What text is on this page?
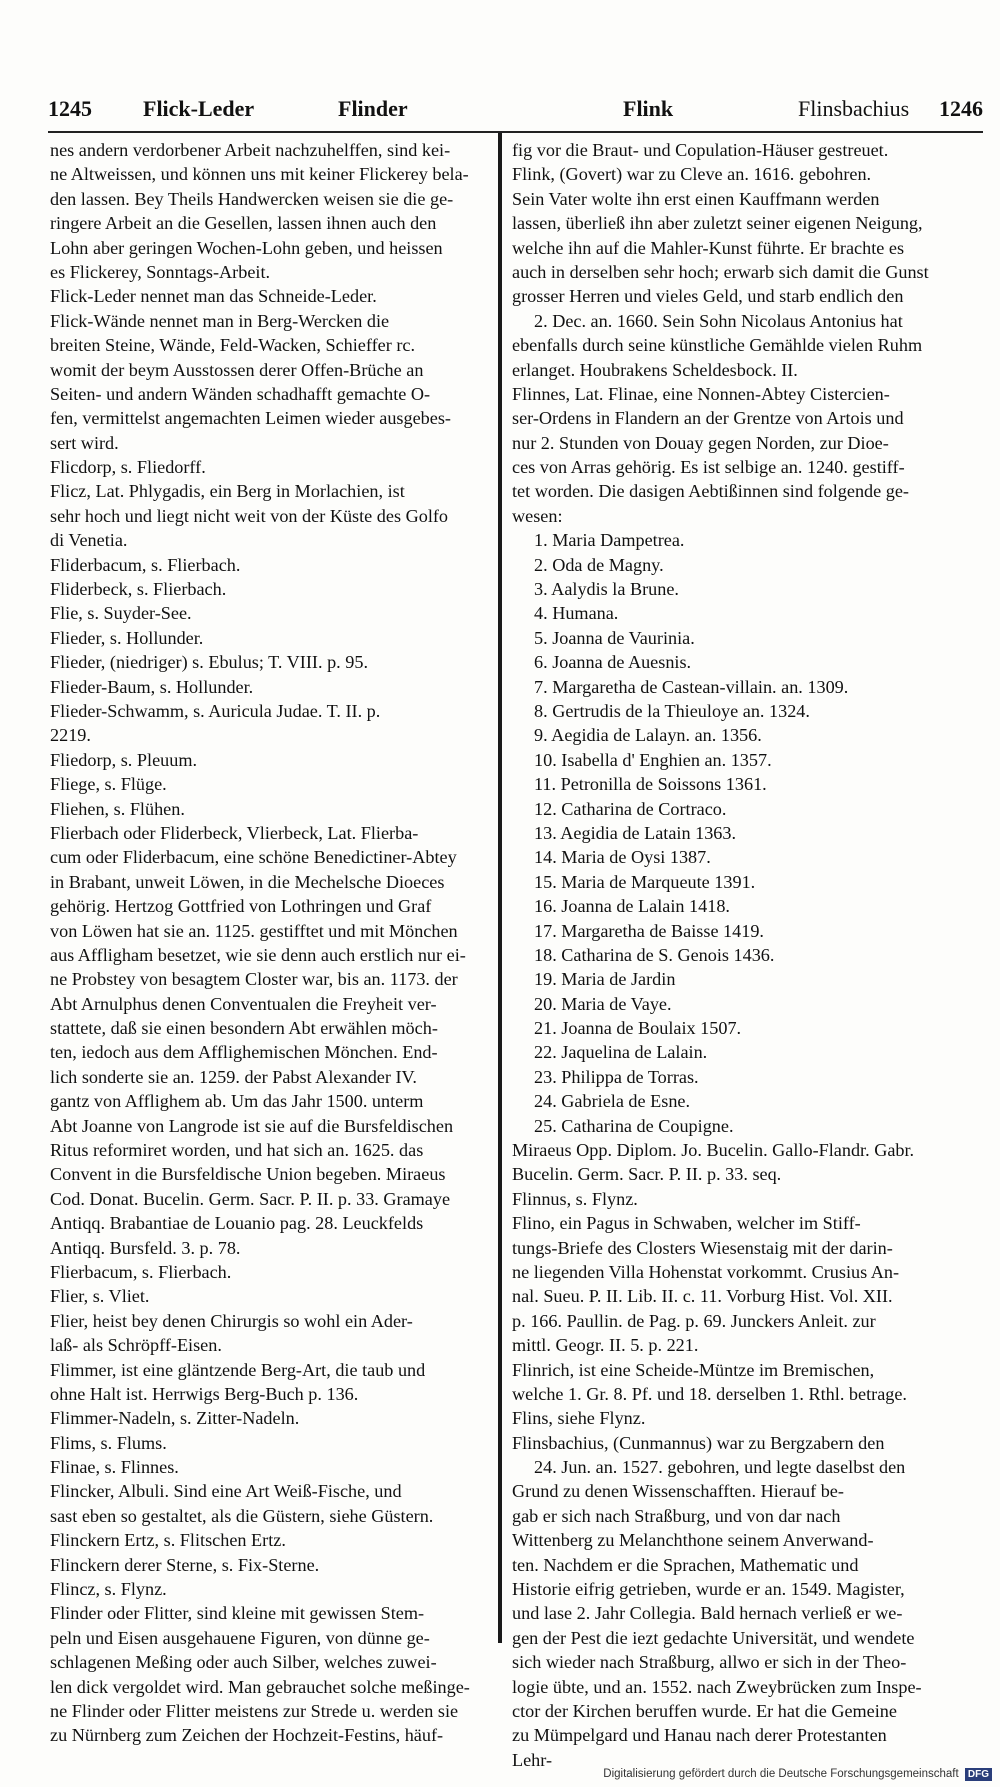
1245 Flick-Leder	Flinder	Flink	Flinsbachius 1246
nes andern verdorbener Arbeit nachzuhelffen, sind kei-
ne Altweissen, und können uns mit keiner Flickerey bela-
den lassen. Bey Theils Handwercken weisen sie die ge-
ringere Arbeit an die Gesellen, lassen ihnen auch den
Lohn aber geringen Wochen-Lohn geben, und heissen
es Flickerey, Sonntags-Arbeit.
Flick-Leder nennet man das Schneide-Leder.
Flick-Wände nennet man in Berg-Wercken die
breiten Steine, Wände, Feld-Wacken, Schieffer rc.
womit der beym Ausstossen derer Offen-Brüche an
Seiten- und andern Wänden schadhafft gemachte O-
fen, vermittelst angemachten Leimen wieder ausgebes-
sert wird.
Flicdorp, s. Fliedorff.
Flicz, Lat. Phlygadis, ein Berg in Morlachien, ist
sehr hoch und liegt nicht weit von der Küste des Golfo
di Venetia.
Fliderbacum, s. Flierbach.
Fliderbeck, s. Flierbach.
Flie, s. Suyder-See.
Flieder, s. Hollunder.
Flieder, (niedriger) s. Ebulus; T. VIII. p. 95.
Flieder-Baum, s. Hollunder.
Flieder-Schwamm, s. Auricula Judae. T. II. p.
2219.
Fliedorp, s. Pleuum.
Fliege, s. Flüge.
Fliehen, s. Flühen.
Flierbach oder Fliderbeck, Vlierbeck, Lat. Flierba-
cum oder Fliderbacum, eine schöne Benedictiner-Abtey
in Brabant, unweit Löwen, in die Mechelsche Dioeces
gehörig. Hertzog Gottfried von Lothringen und Graf
von Löwen hat sie an. 1125. gestifftet und mit Mönchen
aus Affligham besetzet, wie sie denn auch erstlich nur ei-
ne Probstey von besagtem Closter war, bis an. 1173. der
Abt Arnulphus denen Conventualen die Freyheit ver-
stattete, daß sie einen besondern Abt erwählen möch-
ten, iedoch aus dem Afflighemischen Mönchen. End-
lich sonderte sie an. 1259. der Pabst Alexander IV.
gantz von Afflighem ab. Um das Jahr 1500. unterm
Abt Joanne von Langrode ist sie auf die Bursfeldischen
Ritus reformiret worden, und hat sich an. 1625. das
Convent in die Bursfeldische Union begeben. Miraeus
Cod. Donat. Bucelin. Germ. Sacr. P. II. p. 33. Gramaye
Antiqq. Brabantiae de Louanio pag. 28. Leuckfelds
Antiqq. Bursfeld. 3. p. 78.
Flierbacum, s. Flierbach.
Flier, s. Vliet.
Flier, heist bey denen Chirurgis so wohl ein Ader-
laß- als Schröpff-Eisen.
Flimmer, ist eine gläntzende Berg-Art, die taub und
ohne Halt ist. Herrwigs Berg-Buch p. 136.
Flimmer-Nadeln, s. Zitter-Nadeln.
Flims, s. Flums.
Flinae, s. Flinnes.
Flincker, Albuli. Sind eine Art Weiß-Fische, und
sast eben so gestaltet, als die Güstern, siehe Güstern.
Flinckern Ertz, s. Flitschen Ertz.
Flinckern derer Sterne, s. Fix-Sterne.
Flincz, s. Flynz.
Flinder oder Flitter, sind kleine mit gewissen Stem-
peln und Eisen ausgehauene Figuren, von dünne ge-
schlagenen Meßing oder auch Silber, welches zuwei-
len dick vergoldet wird. Man gebrauchet solche meßinge-
ne Flinder oder Flitter meistens zur Strede u. werden sie
zu Nürnberg zum Zeichen der Hochzeit-Festins, häuf-
fig vor die Braut- und Copulation-Häuser gestreuet.
Flink, (Govert) war zu Cleve an. 1616. gebohren.
Sein Vater wolte ihn erst einen Kauffmann werden
lassen, überließ ihn aber zuletzt seiner eigenen Neigung,
welche ihn auf die Mahler-Kunst führte. Er brachte es
auch in derselben sehr hoch; erwarb sich damit die Gunst
grosser Herren und vieles Geld, und starb endlich den
2. Dec. an. 1660. Sein Sohn Nicolaus Antonius hat
ebenfalls durch seine künstliche Gemählde vielen Ruhm
erlanget. Houbrakens Scheldesbock. II.
Flinnes, Lat. Flinae, eine Nonnen-Abtey Cistercien-
ser-Ordens in Flandern an der Grentze von Artois und
nur 2. Stunden von Douay gegen Norden, zur Dioe-
ces von Arras gehörig. Es ist selbige an. 1240. gestiff-
tet worden. Die dasigen Aebtißinnen sind folgende ge-
wesen:
1. Maria Dampetrea.
2. Oda de Magny.
3. Aalydis la Brune.
4. Humana.
5. Joanna de Vaurinia.
6. Joanna de Auesnis.
7. Margaretha de Castean-villain. an. 1309.
8. Gertrudis de la Thieuloye an. 1324.
9. Aegidia de Lalayn. an. 1356.
10. Isabella d' Enghien an. 1357.
11. Petronilla de Soissons 1361.
12. Catharina de Cortraco.
13. Aegidia de Latain 1363.
14. Maria de Oysi 1387.
15. Maria de Marqueute 1391.
16. Joanna de Lalain 1418.
17. Margaretha de Baisse 1419.
18. Catharina de S. Genois 1436.
19. Maria de Jardin
20. Maria de Vaye.
21. Joanna de Boulaix 1507.
22. Jaquelina de Lalain.
23. Philippa de Torras.
24. Gabriela de Esne.
25. Catharina de Coupigne.
Miraeus Opp. Diplom. Jo. Bucelin. Gallo-Flandr. Gabr.
Bucelin. Germ. Sacr. P. II. p. 33. seq.
Flinnus, s. Flynz.
Flino, ein Pagus in Schwaben, welcher im Stiff-
tungs-Briefe des Closters Wiesenstaig mit der darin-
ne liegenden Villa Hohenstat vorkommt. Crusius An-
nal. Sueu. P. II. Lib. II. c. 11. Vorburg Hist. Vol. XII.
p. 166. Paullin. de Pag. p. 69. Junckers Anleit. zur
mittl. Geogr. II. 5. p. 221.
Flinrich, ist eine Scheide-Müntze im Bremischen,
welche 1. Gr. 8. Pf. und 18. derselben 1. Rthl. betrage.
Flins, siehe Flynz.
Flinsbachius, (Cunmannus) war zu Bergzabern den
24. Jun. an. 1527. gebohren, und legte daselbst den
Grund zu denen Wissenschafften. Hierauf be-
gab er sich nach Straßburg, und von dar nach
Wittenberg zu Melanchthone seinem Anverwand-
ten. Nachdem er die Sprachen, Mathematic und
Historie eifrig getrieben, wurde er an. 1549. Magister,
und lase 2. Jahr Collegia. Bald hernach verließ er we-
gen der Pest die iezt gedachte Universität, und wendete
sich wieder nach Straßburg, allwo er sich in der Theo-
logie übte, und an. 1552. nach Zweybrücken zum Inspe-
ctor der Kirchen beruffen wurde. Er hat die Gemeine
zu Mümpelgard und Hanau nach derer Protestanten
Lehr-
Digitalisierung gefördert durch die Deutsche Forschungsgemeinschaft DFG
